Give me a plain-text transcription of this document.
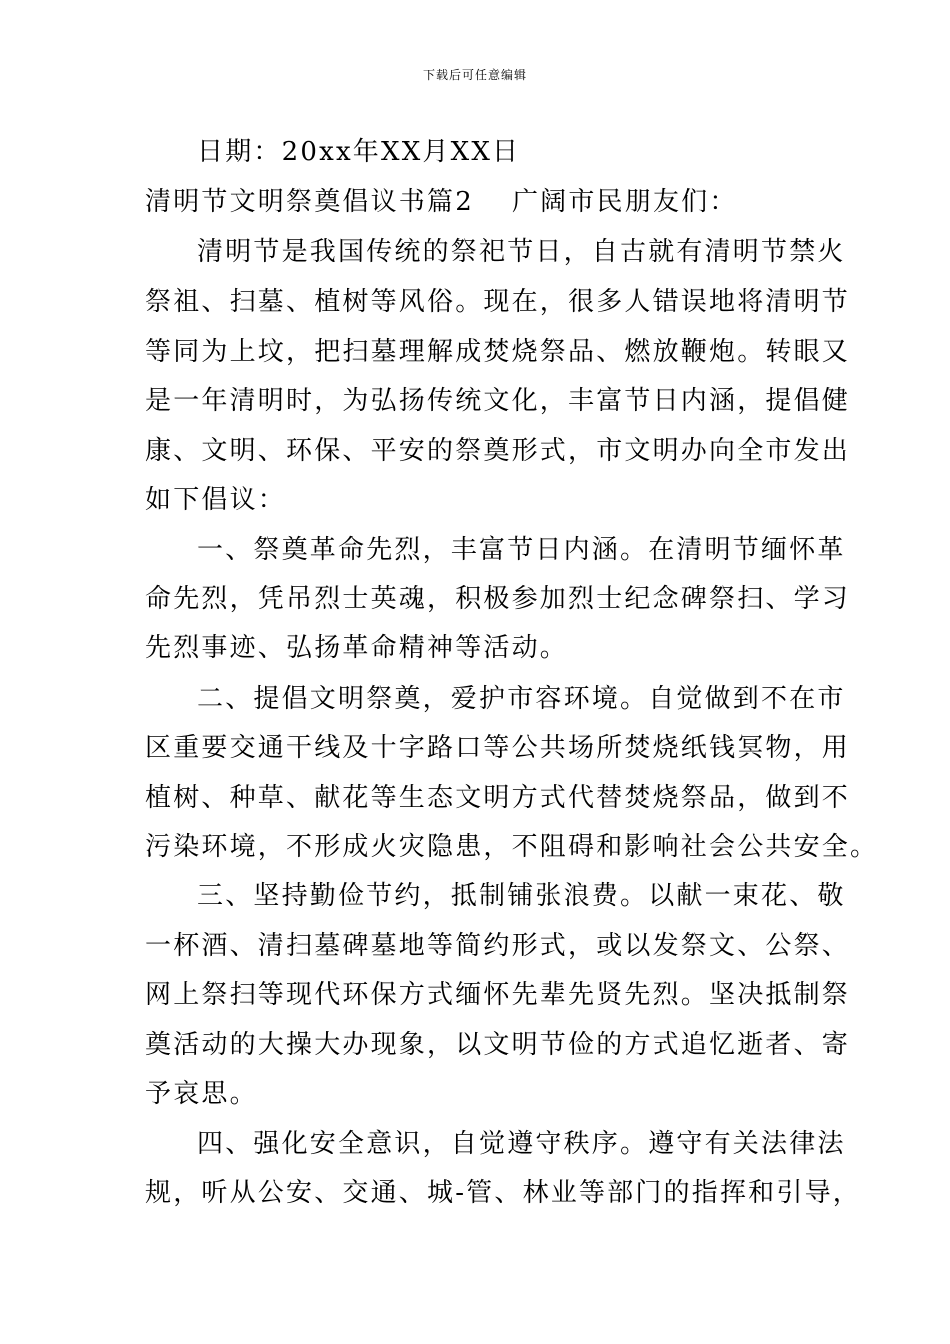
下载后可任意编辑
日期：20xx年XX月XX日
清明节文明祭奠倡议书篇2 广阔市民朋友们：
清明节是我国传统的祭祀节日，自古就有清明节禁火
祭祖、扫墓、植树等风俗。现在，很多人错误地将清明节
等同为上坟，把扫墓理解成焚烧祭品、燃放鞭炮。转眼又
是一年清明时，为弘扬传统文化，丰富节日内涵，提倡健
康、文明、环保、平安的祭奠形式，市文明办向全市发出
如下倡议：
一、祭奠革命先烈，丰富节日内涵。在清明节缅怀革
命先烈，凭吊烈士英魂，积极参加烈士纪念碑祭扫、学习
先烈事迹、弘扬革命精神等活动。
二、提倡文明祭奠，爱护市容环境。自觉做到不在市
区重要交通干线及十字路口等公共场所焚烧纸钱冥物，用
植树、种草、献花等生态文明方式代替焚烧祭品，做到不
污染环境，不形成火灾隐患，不阻碍和影响社会公共安全。
三、坚持勤俭节约，抵制铺张浪费。以献一束花、敬
一杯酒、清扫墓碑墓地等简约形式，或以发祭文、公祭、
网上祭扫等现代环保方式缅怀先辈先贤先烈。坚决抵制祭
奠活动的大操大办现象，以文明节俭的方式追忆逝者、寄
予哀思。
四、强化安全意识，自觉遵守秩序。遵守有关法律法
规，听从公安、交通、城-管、林业等部门的指挥和引导，
